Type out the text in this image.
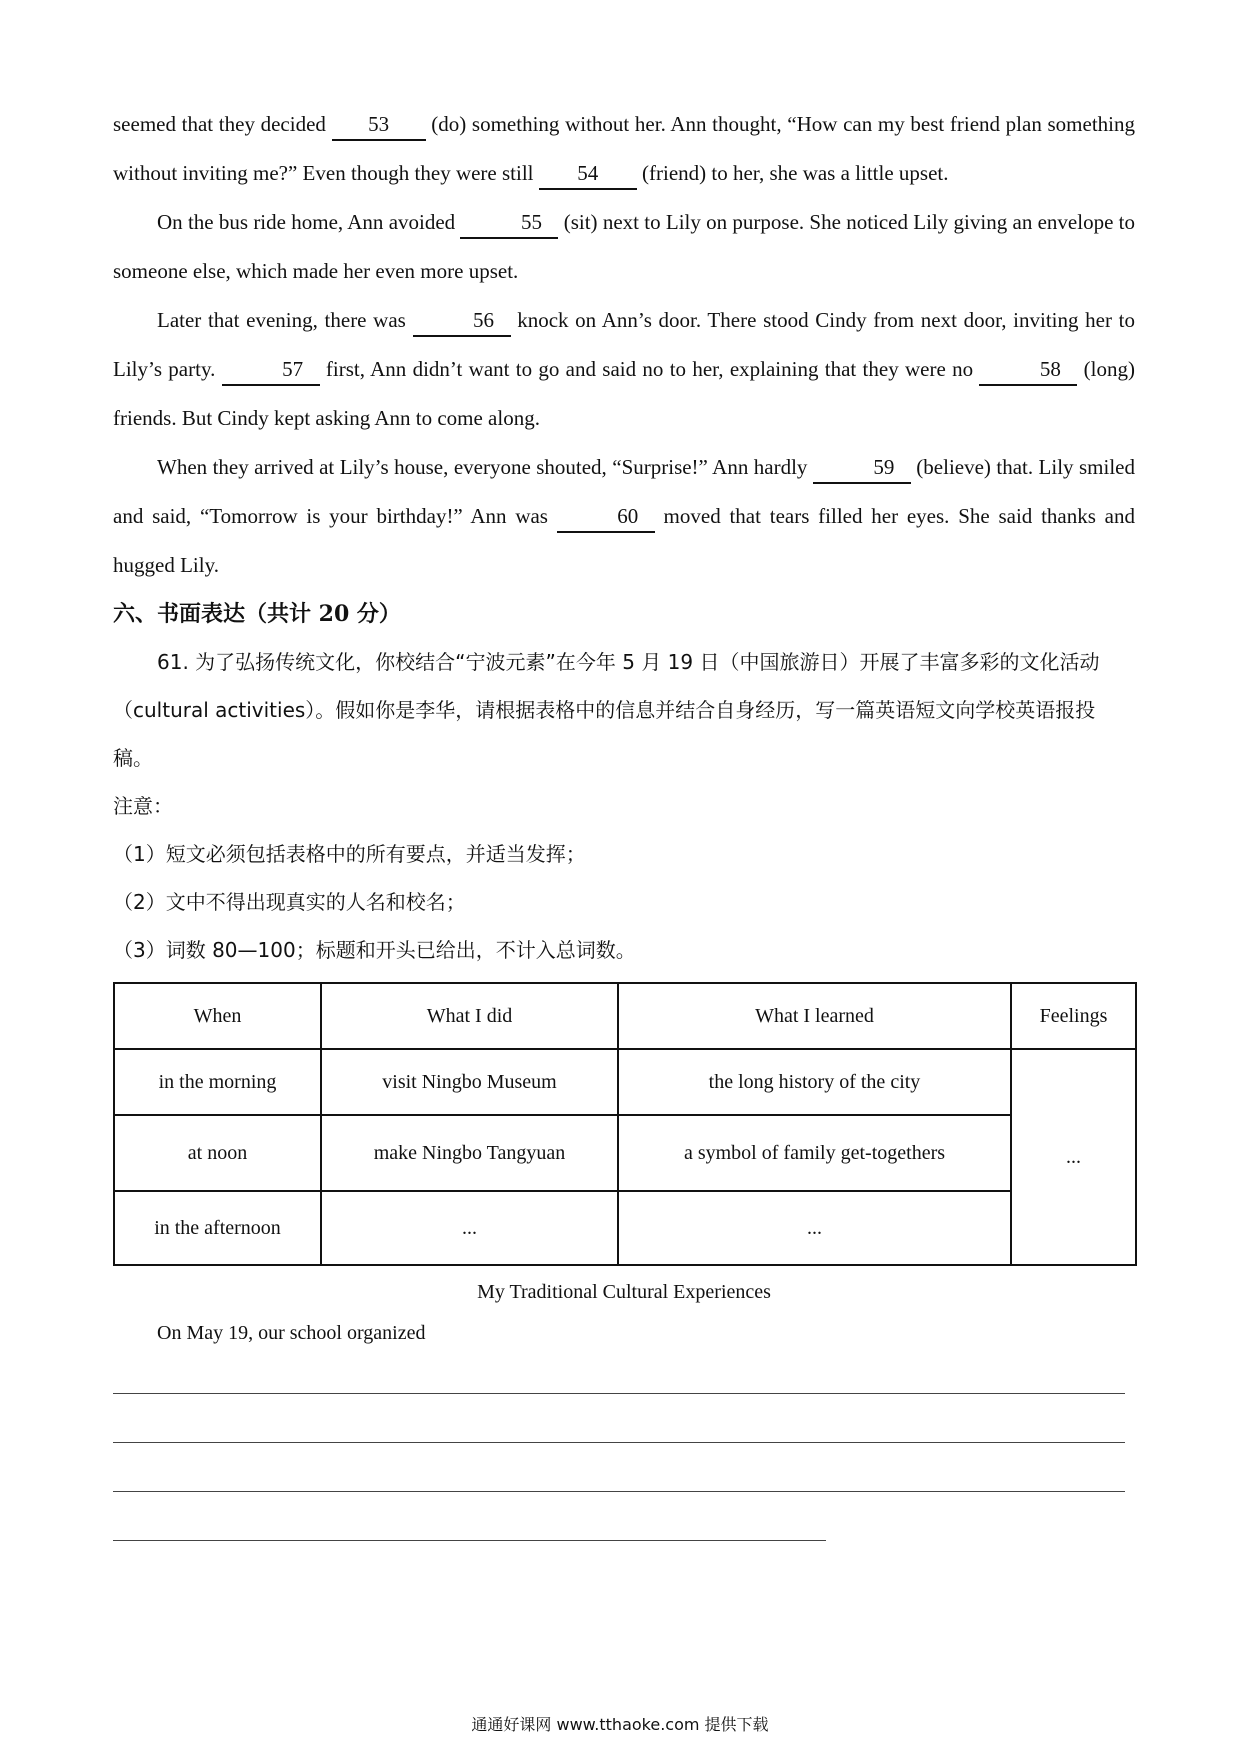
seemed that they decided 53 (do) something without her. Ann thought, “How can my best friend plan something without inviting me?” Even though they were still 54 (friend) to her, she was a little upset.

On the bus ride home, Ann avoided	55 (sit) next to Lily on purpose. She noticed Lily giving an envelope to someone else, which made her even more upset.

Later that evening, there was	56 knock on Ann’s door. There stood Cindy from next door, inviting her to Lily’s party.	57 first, Ann didn’t want to go and said no to her, explaining that they were no	58 (long) friends. But Cindy kept asking Ann to come along.

When they arrived at Lily’s house, everyone shouted, “Surprise!” Ann hardly	59 (believe) that. Lily smiled and said, “Tomorrow is your birthday!” Ann was	60 moved that tears filled her eyes. She said thanks and hugged Lily.

六、书面表达（共计 20 分）

61. 为了弘扬传统文化，你校结合“宁波元素”在今年 5 月 19 日（中国旅游日）开展了丰富多彩的文化活动（cultural activities）。假如你是李华，请根据表格中的信息并结合自身经历，写一篇英语短文向学校英语报投稿。

注意：

（1）短文必须包括表格中的所有要点，并适当发挥；

（2）文中不得出现真实的人名和校名；

（3）词数 80—100；标题和开头已给出，不计入总词数。

When	What I did	What I learned	Feelings
in the morning	visit Ningbo Museum	the long history of the city	...
at noon	make Ningbo Tangyuan	a symbol of family get-togethers	
in the afternoon	...	...	
My Traditional Cultural Experiences

On May 19, our school organized

通通好课网 www.tthaoke.com 提供下载
